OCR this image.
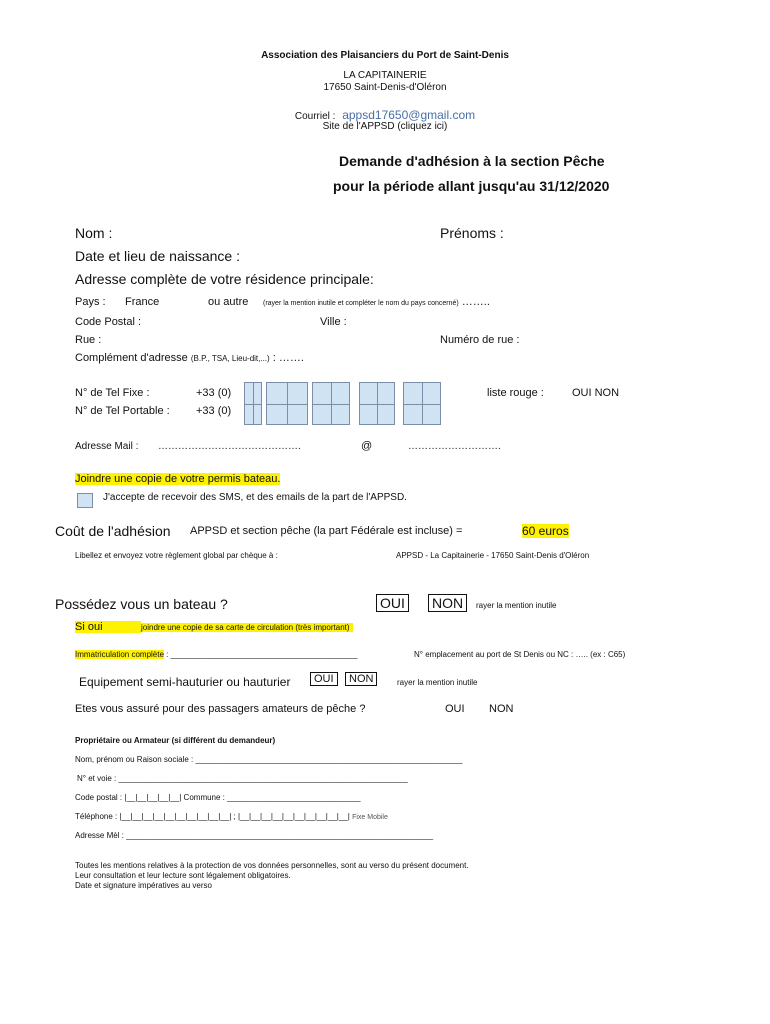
Association des Plaisanciers du Port de Saint-Denis
LA CAPITAINERIE
17650 Saint-Denis-d'Oléron
Courriel : appsd17650@gmail.com
Site de l'APPSD (cliquez ici)
Demande d'adhésion à la section Pêche
pour la période allant jusqu'au 31/12/2020
Nom :	Prénoms :
Date et lieu de naissance :
Adresse complète de votre résidence principale:
Pays : France	ou autre (rayer la mention inutile et compléter le nom du pays concerné) ……..
Code Postal :	Ville :
Rue :	Numéro de rue :
Complément d'adresse (B.P., TSA, Lieu-dit,...) : …….
N° de Tel Fixe :	+33 (0)
N° de Tel Portable : +33 (0)
liste rouge :	OUI NON
Adresse Mail : …………………………………….	@	……………………….
Joindre une copie de votre permis bateau.
J'accepte de recevoir des SMS, et des emails de la part de l'APPSD.
Coût de l'adhésion APPSD et section pêche (la part Fédérale est incluse) =	60 euros
Libellez et envoyez votre règlement global par chèque à :	APPSD - La Capitainerie - 17650 Saint-Denis d'Oléron
Possédez vous un bateau ?	OUI NON	rayer la mention inutile
Si oui	joindre une copie de sa carte de circulation (très important)
Immatriculation complète : __________________________________________	N° emplacement au port de St Denis ou NC : ….. (ex : C65)
Equipement semi-hauturier ou hauturier	OUI	NON	rayer la mention inutile
Etes vous assuré pour des passagers amateurs de pêche ?	OUI NON
Propriétaire ou Armateur (si différent du demandeur)
Nom, prénom ou Raison sociale : ____________________________________________________________
N° et voie : _________________________________________________________________
Code postal : |__|__|__|__|__| Commune : ______________________________
Téléphone : |__|__|__|__|__|__|__|__|__|__| ; |__|__|__|__|__|__|__|__|__|__| Fixe Mobile
Adresse Mèl : _____________________________________________________________________
Toutes les mentions relatives à la protection de vos données personnelles, sont au verso du présent document.
Leur consultation et leur lecture sont légalement obligatoires.
Date et signature impératives au verso
